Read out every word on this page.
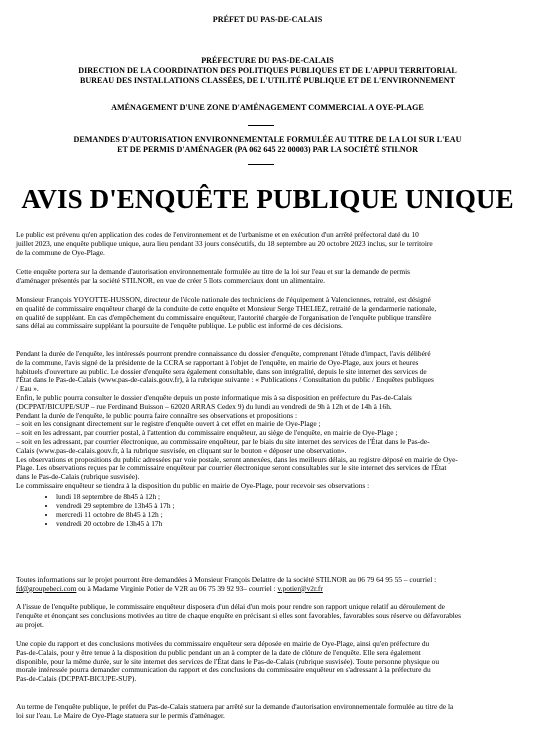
PRÉFET DU PAS-DE-CALAIS
PRÉFECTURE DU PAS-DE-CALAIS
DIRECTION DE LA COORDINATION DES POLITIQUES PUBLIQUES ET DE L'APPUI TERRITORIAL
BUREAU DES INSTALLATIONS CLASSÉES, DE L'UTILITÉ PUBLIQUE ET DE L'ENVIRONNEMENT
AMÉNAGEMENT D'UNE ZONE D'AMÉNAGEMENT COMMERCIAL A OYE-PLAGE
DEMANDES D'AUTORISATION ENVIRONNEMENTALE FORMULÉE AU TITRE DE LA LOI SUR L'EAU
ET DE PERMIS D'AMÉNAGER (PA 062 645 22 00003) PAR LA SOCIÉTÉ STILNOR
AVIS D'ENQUÊTE PUBLIQUE UNIQUE
Le public est prévenu qu'en application des codes de l'environnement et de l'urbanisme et en exécution d'un arrêté préfectoral daté du 10
juillet 2023, une enquête publique unique, aura lieu pendant 33 jours consécutifs, du 18 septembre au 20 octobre 2023 inclus, sur le territoire
de la commune de Oye-Plage.
Cette enquête portera sur la demande d'autorisation environnementale formulée au titre de la loi sur l'eau et sur la demande de permis
d'aménager présentés par la société STILNOR, en vue de créer 5 îlots commerciaux dont un alimentaire.
Monsieur François YOYOTTE-HUSSON, directeur de l'école nationale des techniciens de l'équipement à Valenciennes, retraité, est désigné
en qualité de commissaire enquêteur chargé de la conduite de cette enquête et Monsieur Serge THELIEZ, retraité de la gendarmerie nationale,
en qualité de suppléant. En cas d'empêchement du commissaire enquêteur, l'autorité chargée de l'organisation de l'enquête publique transfère
sans délai au commissaire suppléant la poursuite de l'enquête publique. Le public est informé de ces décisions.
Pendant la durée de l'enquête, les intéressés pourront prendre connaissance du dossier d'enquête, comprenant l'étude d'impact, l'avis délibéré
de la commune, l'avis signé de la présidente de la CCRA se rapportant à l'objet de l'enquête, en mairie de Oye-Plage, aux jours et heures
habituels d'ouverture au public. Le dossier d'enquête sera également consultable, dans son intégralité, depuis le site internet des services de
l'État dans le Pas-de-Calais (www.pas-de-calais.gouv.fr), à la rubrique suivante : « Publications / Consultation du public / Enquêtes publiques
/ Eau ».
Enfin, le public pourra consulter le dossier d'enquête depuis un poste informatique mis à sa disposition en préfecture du Pas-de-Calais
(DCPPAT/BICUPE/SUP – rue Ferdinand Buisson – 62020 ARRAS Cedex 9) du lundi au vendredi de 9h à 12h et de 14h à 16h.
Pendant la durée de l'enquête, le public pourra faire connaître ses observations et propositions :
– soit en les consignant directement sur le registre d'enquête ouvert à cet effet en mairie de Oye-Plage ;
– soit en les adressant, par courrier postal, à l'attention du commissaire enquêteur, au siège de l'enquête, en mairie de Oye-Plage ;
– soit en les adressant, par courrier électronique, au commissaire enquêteur, par le biais du site internet des services de l'État dans le Pas-de-
Calais (www.pas-de-calais.gouv.fr, à la rubrique susvisée, en cliquant sur le bouton « déposer une observation».
Les observations et propositions du public adressées par voie postale, seront annexées, dans les meilleurs délais, au registre déposé en mairie de Oye-
Plage. Les observations reçues par le commissaire enquêteur par courrier électronique seront consultables sur le site internet des services de l'État
dans le Pas-de-Calais (rubrique susvisée).
Le commissaire enquêteur se tiendra à la disposition du public en mairie de Oye-Plage, pour recevoir ses observations :
• lundi 18 septembre de 8h45 à 12h ;
• vendredi 29 septembre de 13h45 à 17h ;
• mercredi 11 octobre de 8h45 à 12h ;
• vendredi 20 octobre de 13h45 à 17h
Toutes informations sur le projet pourront être demandées à Monsieur François Delattre de la société STILNOR au 06 79 64 95 55 – courriel :
fd@groupebeci.com ou à Madame Virginie Potier de V2R au 06 75 39 92 93– courriel : v.potier@v2r.fr
A l'issue de l'enquête publique, le commissaire enquêteur disposera d'un délai d'un mois pour rendre son rapport unique relatif au déroulement de
l'enquête et énonçant ses conclusions motivées au titre de chaque enquête en précisant si elles sont favorables, favorables sous réserve ou défavorables
au projet.
Une copie du rapport et des conclusions motivées du commissaire enquêteur sera déposée en mairie de Oye-Plage, ainsi qu'en préfecture du
Pas-de-Calais, pour y être tenue à la disposition du public pendant un an à compter de la date de clôture de l'enquête. Elle sera également
disponible, pour la même durée, sur le site internet des services de l'État dans le Pas-de-Calais (rubrique susvisée). Toute personne physique ou
morale intéressée pourra demander communication du rapport et des conclusions du commissaire enquêteur en s'adressant à la préfecture du
Pas-de-Calais (DCPPAT-BICUPE-SUP).
Au terme de l'enquête publique, le préfet du Pas-de-Calais statuera par arrêté sur la demande d'autorisation environnementale formulée au titre de la
loi sur l'eau. Le Maire de Oye-Plage statuera sur le permis d'aménager.
